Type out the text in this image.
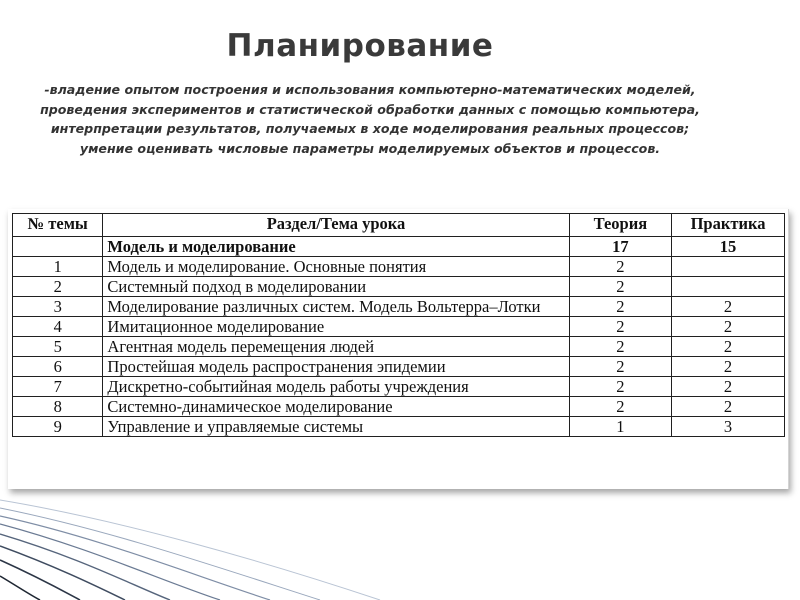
Планирование
-владение опытом построения и использования компьютерно-математических моделей, проведения экспериментов и статистической обработки данных с помощью компьютера, интерпретации результатов, получаемых в ходе моделирования реальных процессов; умение оценивать числовые параметры моделируемых объектов и процессов.
№ темы	Раздел/Тема урока	Теория	Практика
	Модель и моделирование	17	15
1	Модель и моделирование. Основные понятия	2	
2	Системный подход в моделировании	2	
3	Моделирование различных систем. Модель Вольтерра–Лотки	2	2
4	Имитационное моделирование	2	2
5	Агентная модель перемещения людей	2	2
6	Простейшая модель распространения эпидемии	2	2
7	Дискретно-событийная модель работы учреждения	2	2
8	Системно-динамическое моделирование	2	2
9	Управление и управляемые системы	1	3
